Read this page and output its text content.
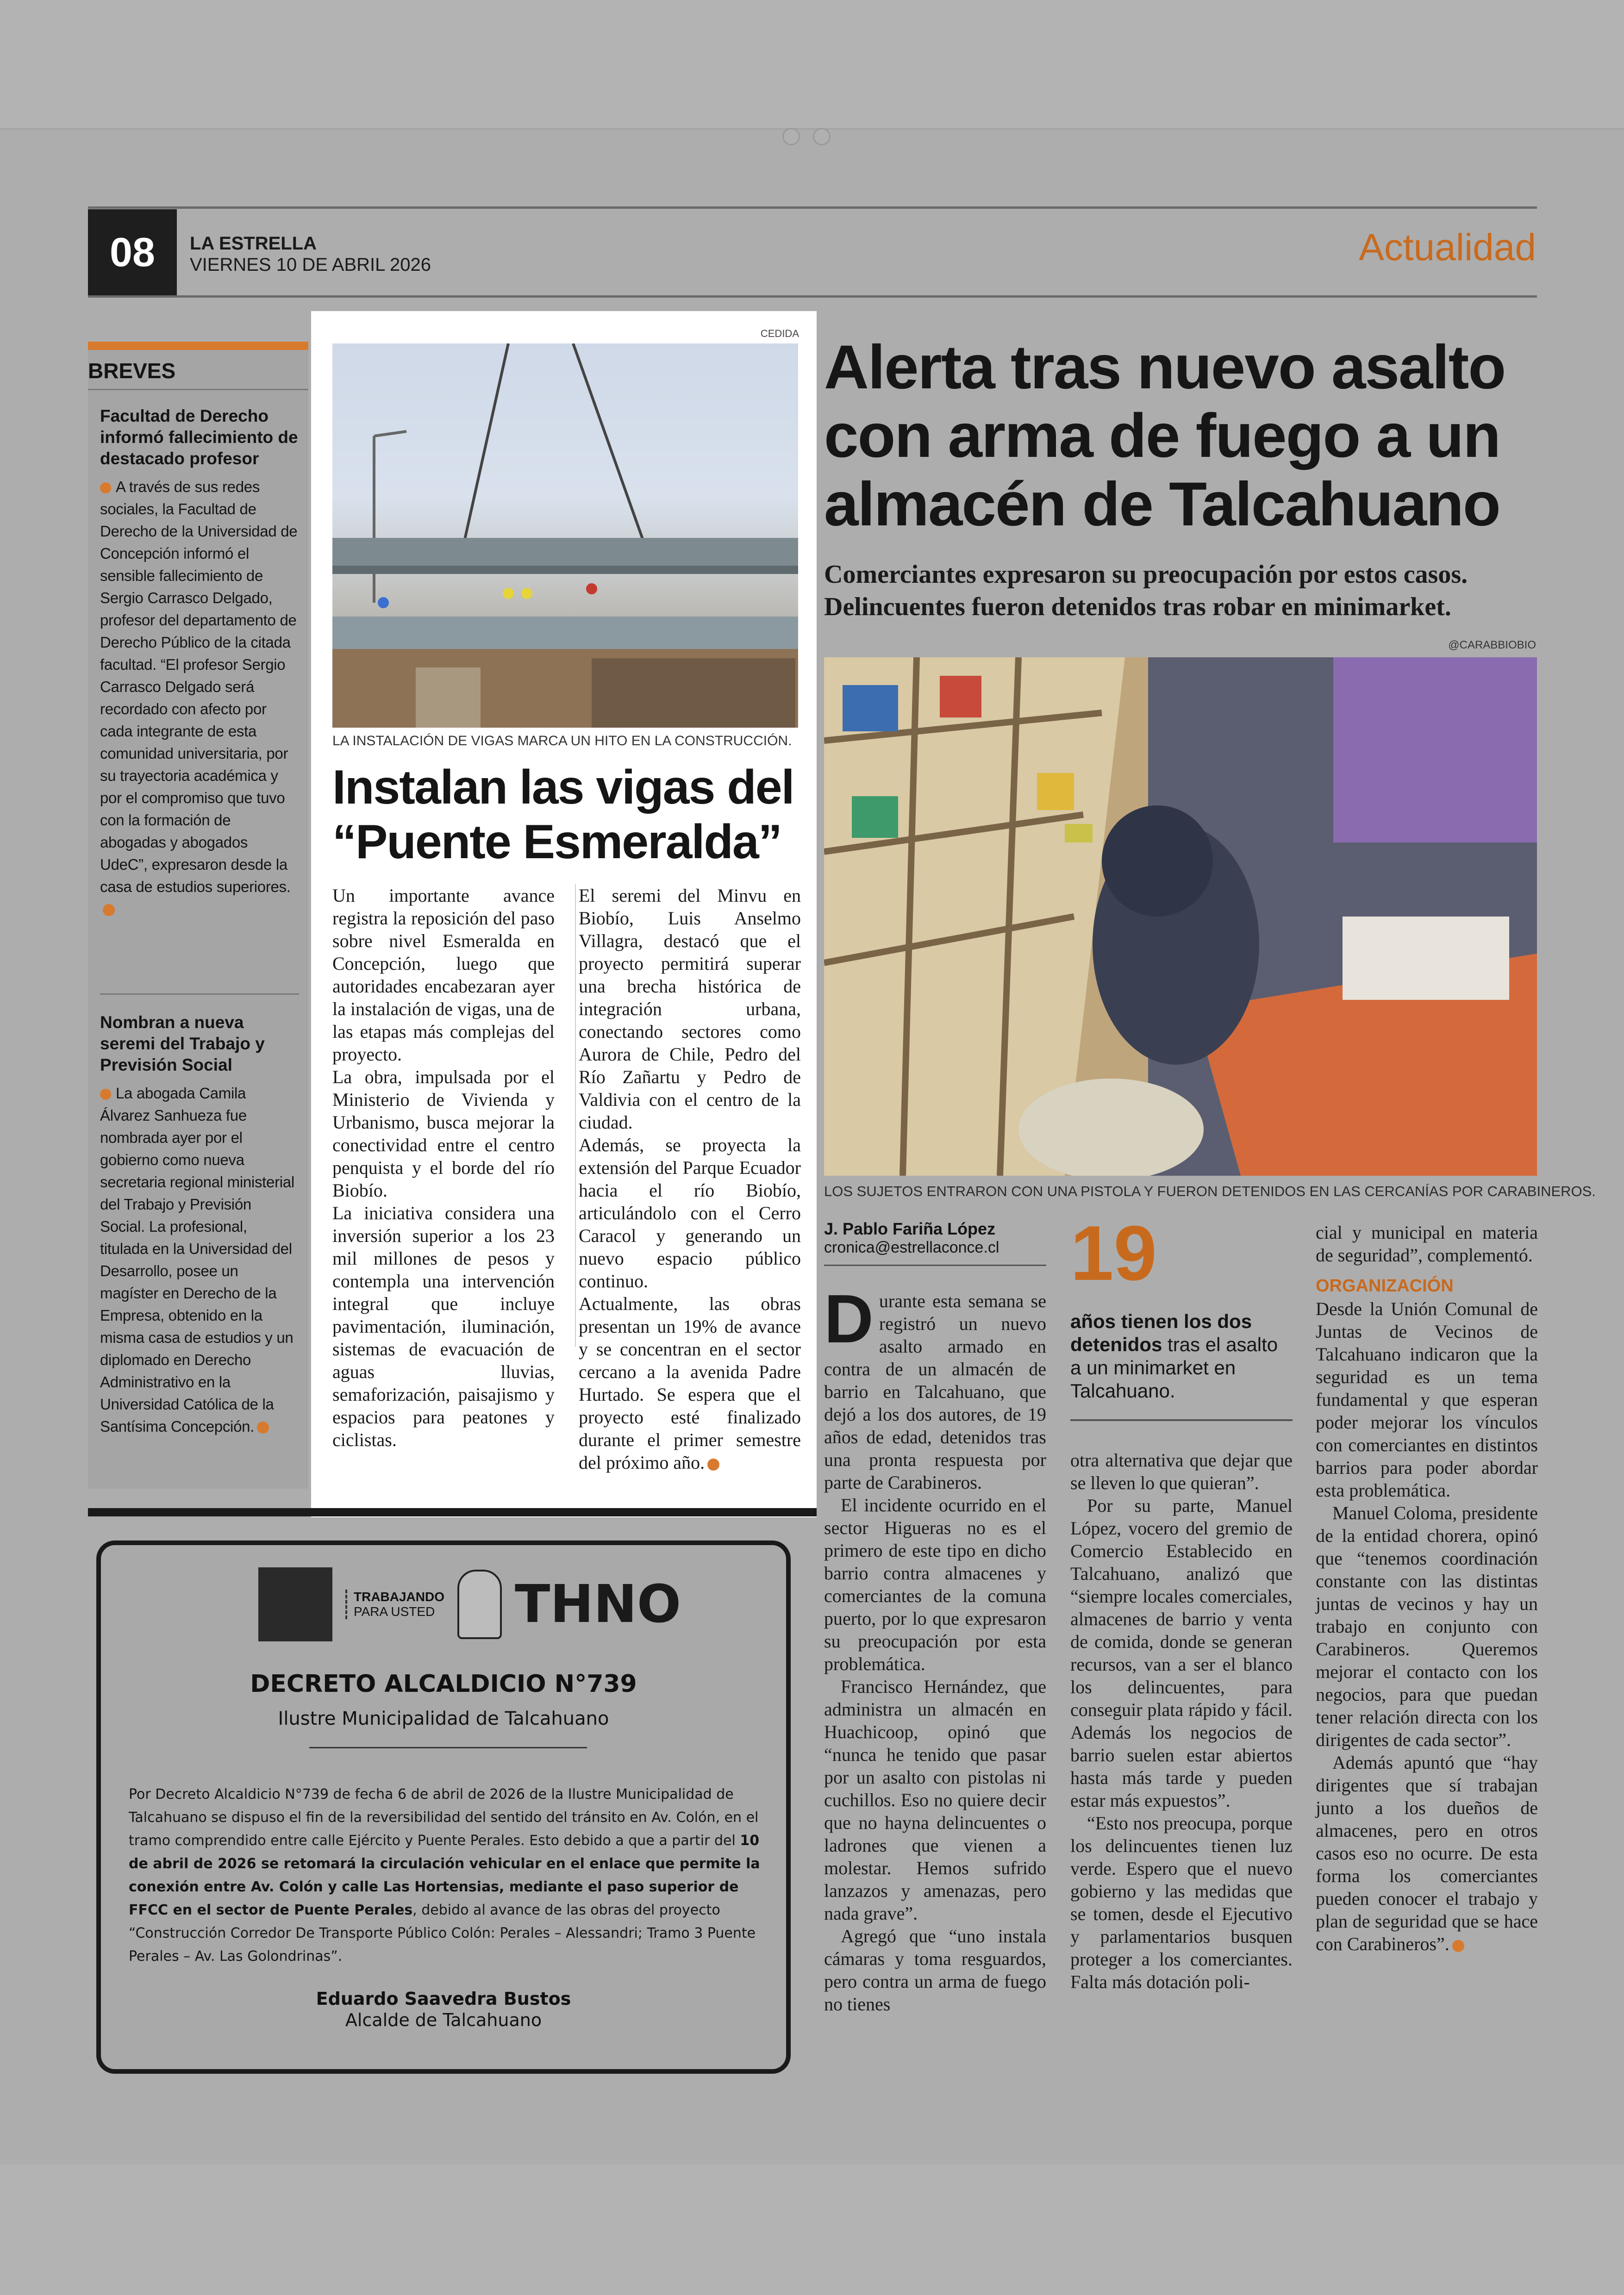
08	LA ESTRELLA
VIERNES 10 DE ABRIL 2026	Actualidad
BREVES
Facultad de Derecho informó fallecimiento de destacado profesor

A través de sus redes sociales, la Facultad de Derecho de la Universidad de Concepción informó el sensible fallecimiento de Sergio Carrasco Delgado, profesor del departamento de Derecho Público de la citada facultad. “El profesor Sergio Carrasco Delgado será recordado con afecto por cada integrante de esta comunidad universitaria, por su trayectoria académica y por el compromiso que tuvo con la formación de abogadas y abogados UdeC”, expresaron desde la casa de estudios superiores.

Nombran a nueva seremi del Trabajo y Previsión Social

La abogada Camila Álvarez Sanhueza fue nombrada ayer por el gobierno como nueva secretaria regional ministerial del Trabajo y Previsión Social. La profesional, titulada en la Universidad del Desarrollo, posee un magíster en Derecho de la Empresa, obtenido en la misma casa de estudios y un diplomado en Derecho Administrativo en la Universidad Católica de la Santísima Concepción.

CEDIDA
LA INSTALACIÓN DE VIGAS MARCA UN HITO EN LA CONSTRUCCIÓN.
Instalan las vigas del “Puente Esmeralda”

Un importante avance registra la reposición del paso sobre nivel Esmeralda en Concepción, luego que autoridades encabezaran ayer la instalación de vigas, una de las etapas más complejas del proyecto.

La obra, impulsada por el Ministerio de Vivienda y Urbanismo, busca mejorar la conectividad entre el centro penquista y el borde del río Biobío.

La iniciativa considera una inversión superior a los 23 mil millones de pesos y contempla una intervención integral que incluye pavimentación, iluminación, sistemas de evacuación de aguas lluvias, semaforización, paisajismo y espacios para peatones y ciclistas.

El seremi del Minvu en Biobío, Luis Anselmo Villagra, destacó que el proyecto permitirá superar una brecha histórica de integración urbana, conectando sectores como Aurora de Chile, Pedro del Río Zañartu y Pedro de Valdivia con el centro de la ciudad.

Además, se proyecta la extensión del Parque Ecuador hacia el río Biobío, articulándolo con el Cerro Caracol y generando un nuevo espacio público continuo.

Actualmente, las obras presentan un 19% de avance y se concentran en el sector cercano a la avenida Padre Hurtado. Se espera que el proyecto esté finalizado durante el primer semestre del próximo año.

TRABAJANDO
PARA USTED THNO
DECRETO ALCALDICIO N°739
Ilustre Municipalidad de Talcahuano
Por Decreto Alcaldicio N°739 de fecha 6 de abril de 2026 de la Ilustre Municipalidad de Talcahuano se dispuso el fin de la reversibilidad del sentido del tránsito en Av. Colón, en el tramo comprendido entre calle Ejército y Puente Perales. Esto debido a que a partir del 10 de abril de 2026 se retomará la circulación vehicular en el enlace que permite la conexión entre Av. Colón y calle Las Hortensias, mediante el paso superior de FFCC en el sector de Puente Perales, debido al avance de las obras del proyecto “Construcción Corredor De Transporte Público Colón: Perales – Alessandri; Tramo 3 Puente Perales – Av. Las Golondrinas”.
Eduardo Saavedra Bustos
Alcalde de Talcahuano
Alerta tras nuevo asalto con arma de fuego a un almacén de Talcahuano
Comerciantes expresaron su preocupación por estos casos. Delincuentes fueron detenidos tras robar en minimarket.
@CARABBIOBIO
LOS SUJETOS ENTRARON CON UNA PISTOLA Y FUERON DETENIDOS EN LAS CERCANÍAS POR CARABINEROS.
J. Pablo Fariña López
cronica@estrellaconce.cl

Durante esta semana se registró un nuevo asalto armado en contra de un almacén de barrio en Talcahuano, que dejó a los dos autores, de 19 años de edad, detenidos tras una pronta respuesta por parte de Carabineros.

El incidente ocurrido en el sector Higueras no es el primero de este tipo en dicho barrio contra almacenes y comerciantes de la comuna puerto, por lo que expresaron su preocupación por esta problemática.

Francisco Hernández, que administra un almacén en Huachicoop, opinó que “nunca he tenido que pasar por un asalto con pistolas ni cuchillos. Eso no quiere decir que no hayna delincuentes o ladrones que vienen a molestar. Hemos sufrido lanzazos y amenazas, pero nada grave”.

Agregó que “uno instala cámaras y toma resguardos, pero contra un arma de fuego no tienes

19
años tienen los dos detenidos tras el asalto a un minimarket en Talcahuano.

otra alternativa que dejar que se lleven lo que quieran”.

Por su parte, Manuel López, vocero del gremio de Comercio Establecido en Talcahuano, analizó que “siempre locales comerciales, almacenes de barrio y venta de comida, donde se generan recursos, van a ser el blanco los delincuentes, para conseguir plata rápido y fácil. Además los negocios de barrio suelen estar abiertos hasta más tarde y pueden estar más expuestos”.

“Esto nos preocupa, porque los delincuentes tienen luz verde. Espero que el nuevo gobierno y las medidas que se tomen, desde el Ejecutivo y parlamentarios busquen proteger a los comerciantes. Falta más dotación poli-

cial y municipal en materia de seguridad”, complementó.

ORGANIZACIÓN

Desde la Unión Comunal de Juntas de Vecinos de Talcahuano indicaron que la seguridad es un tema fundamental y que esperan poder mejorar los vínculos con comerciantes en distintos barrios para poder abordar esta problemática.

Manuel Coloma, presidente de la entidad chorera, opinó que “tenemos coordinación constante con las distintas juntas de vecinos y hay un trabajo en conjunto con Carabineros. Queremos mejorar el contacto con los negocios, para que puedan tener relación directa con los dirigentes de cada sector”.

Además apuntó que “hay dirigentes que sí trabajan junto a los dueños de almacenes, pero en otros casos eso no ocurre. De esta forma los comerciantes pueden conocer el trabajo y plan de seguridad que se hace con Carabineros”.
